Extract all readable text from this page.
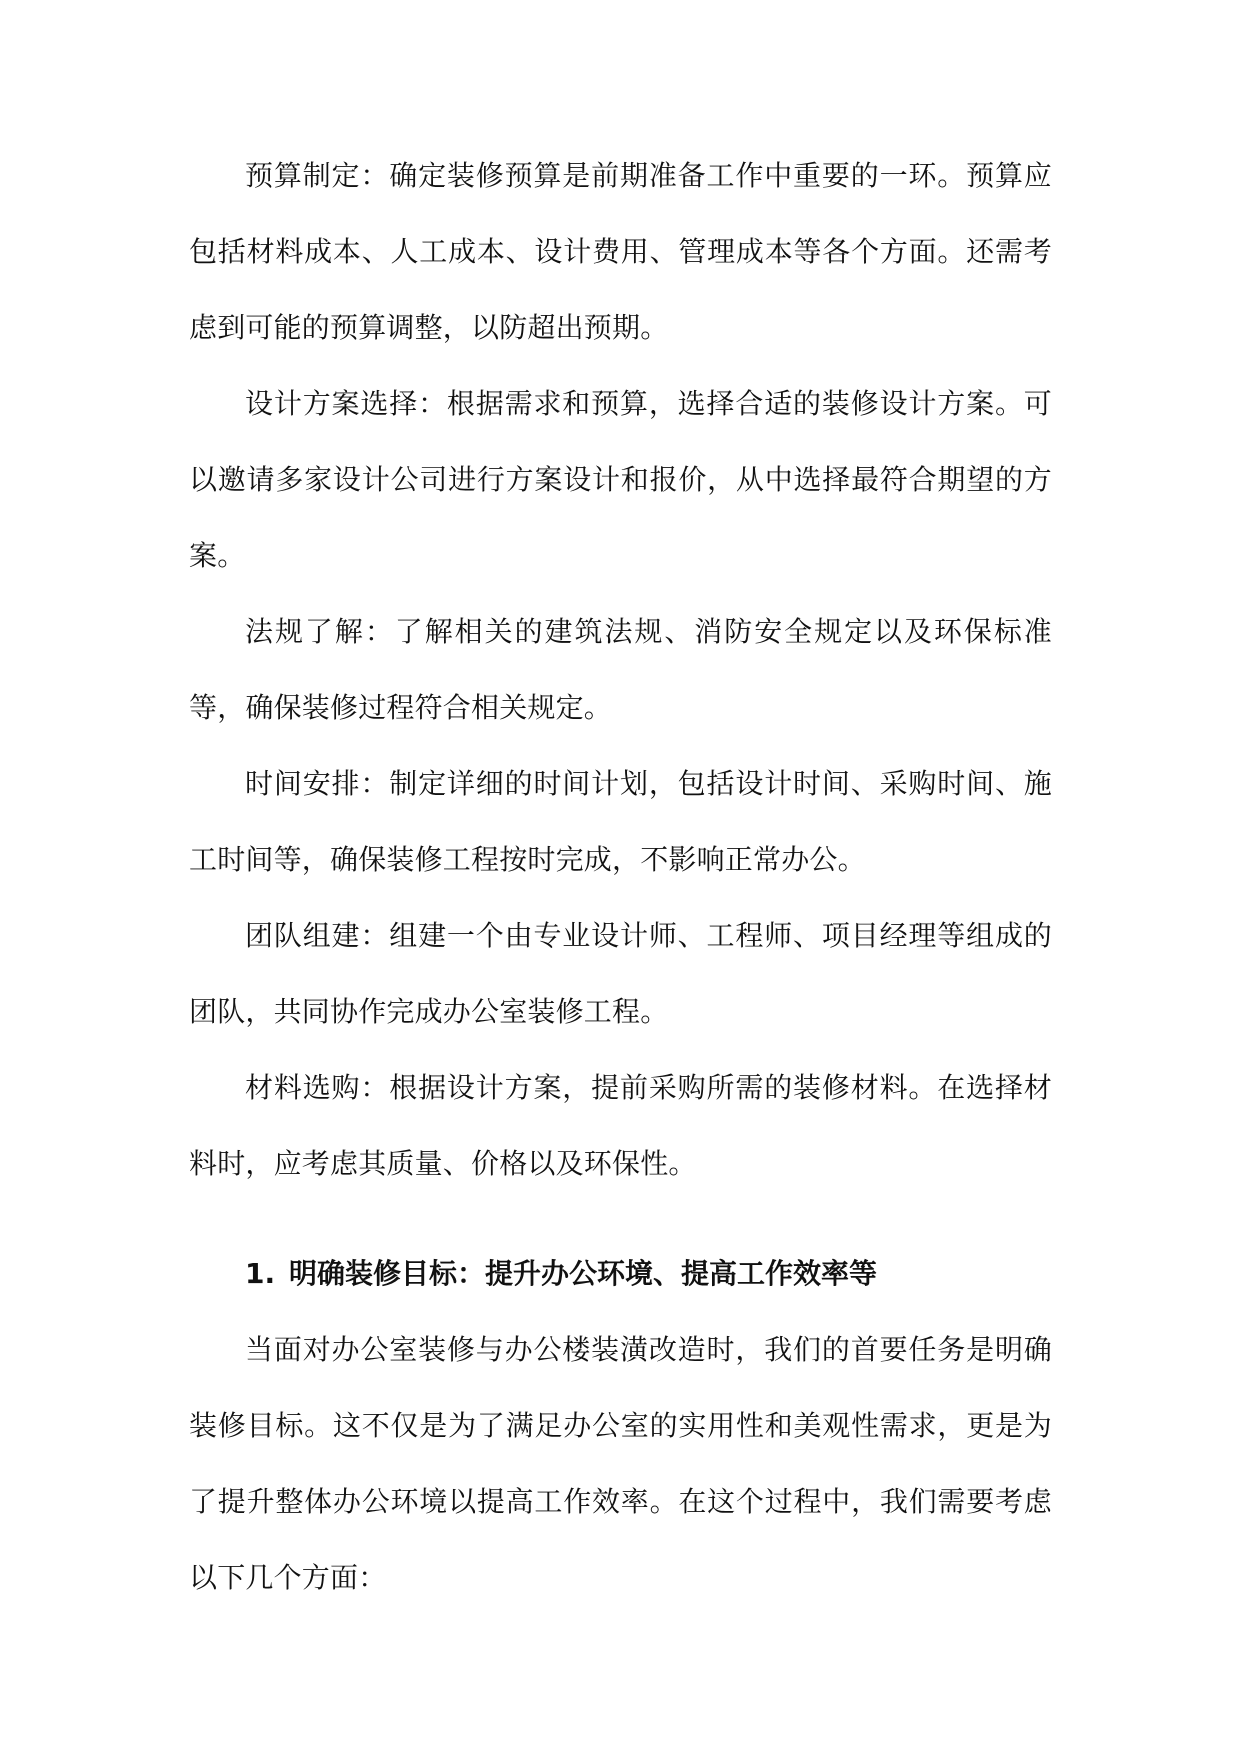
预算制定：确定装修预算是前期准备工作中重要的一环。预算应包括材料成本、人工成本、设计费用、管理成本等各个方面。还需考虑到可能的预算调整，以防超出预期。

设计方案选择：根据需求和预算，选择合适的装修设计方案。可以邀请多家设计公司进行方案设计和报价，从中选择最符合期望的方案。

法规了解：了解相关的建筑法规、消防安全规定以及环保标准等，确保装修过程符合相关规定。

时间安排：制定详细的时间计划，包括设计时间、采购时间、施工时间等，确保装修工程按时完成，不影响正常办公。

团队组建：组建一个由专业设计师、工程师、项目经理等组成的团队，共同协作完成办公室装修工程。

材料选购：根据设计方案，提前采购所需的装修材料。在选择材料时，应考虑其质量、价格以及环保性。

1. 明确装修目标：提升办公环境、提高工作效率等

当面对办公室装修与办公楼装潢改造时，我们的首要任务是明确装修目标。这不仅是为了满足办公室的实用性和美观性需求，更是为了提升整体办公环境以提高工作效率。在这个过程中，我们需要考虑以下几个方面：
